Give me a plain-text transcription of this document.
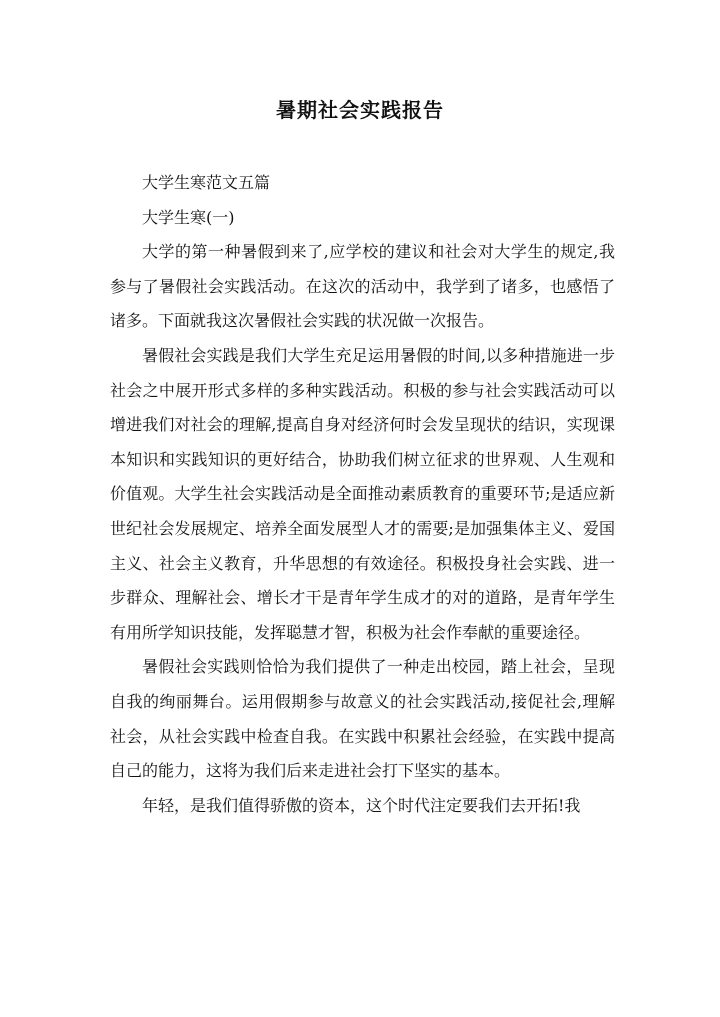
暑期社会实践报告

大学生寒范文五篇

大学生寒(一)

大学的第一种暑假到来了,应学校的建议和社会对大学生的规定,我参与了暑假社会实践活动。在这次的活动中，我学到了诸多，也感悟了诸多。下面就我这次暑假社会实践的状况做一次报告。

暑假社会实践是我们大学生充足运用暑假的时间,以多种措施进一步社会之中展开形式多样的多种实践活动。积极的参与社会实践活动可以增进我们对社会的理解,提高自身对经济何时会发呈现状的结识，实现课本知识和实践知识的更好结合，协助我们树立征求的世界观、人生观和价值观。大学生社会实践活动是全面推动素质教育的重要环节;是适应新世纪社会发展规定、培养全面发展型人才的需要;是加强集体主义、爱国主义、社会主义教育，升华思想的有效途径。积极投身社会实践、进一步群众、理解社会、增长才干是青年学生成才的对的道路，是青年学生有用所学知识技能，发挥聪慧才智，积极为社会作奉献的重要途径。

暑假社会实践则恰恰为我们提供了一种走出校园，踏上社会，呈现自我的绚丽舞台。运用假期参与故意义的社会实践活动,接促社会,理解社会，从社会实践中检查自我。在实践中积累社会经验，在实践中提高自己的能力，这将为我们后来走进社会打下坚实的基本。

年轻，是我们值得骄傲的资本，这个时代注定要我们去开拓!我
